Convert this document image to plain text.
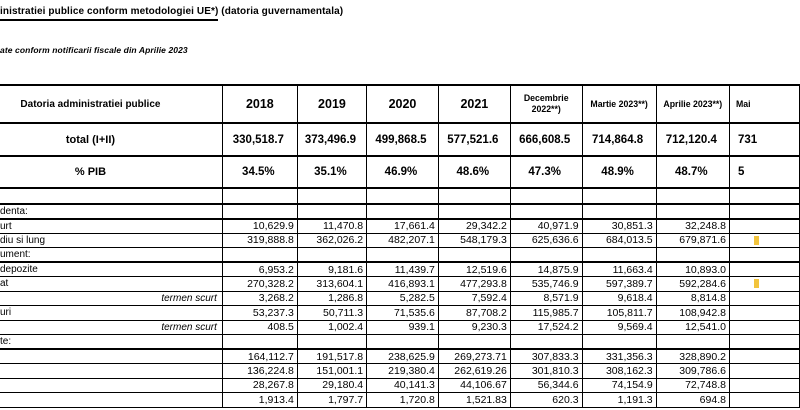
inistratiei publice conform metodologiei UE*) (datoria guvernamentala)
ate conform notificarii fiscale din Aprilie 2023
Datoria administratiei publice	2018	2019	2020	2021	Decembrie 2022**)	Martie 2023**)	Aprilie 2023**)	Mai
total (I+II)	330,518.7	373,496.9	499,868.5	577,521.6	666,608.5	714,864.8	712,120.4	731
% PIB	34.5%	35.1%	46.9%	48.6%	47.3%	48.9%	48.7%	5

denta:								
urt	10,629.9	11,470.8	17,661.4	29,342.2	40,971.9	30,851.3	32,248.8	
diu si lung	319,888.8	362,026.2	482,207.1	548,179.3	625,636.6	684,013.5	679,871.6	

ument:								
depozite	6,953.2	9,181.6	11,439.7	12,519.6	14,875.9	11,663.4	10,893.0	
at	270,328.2	313,604.1	416,893.1	477,293.8	535,746.9	597,389.7	592,284.6	

termen scurt	3,268.2	1,286.8	5,282.5	7,592.4	8,571.9	9,618.4	8,814.8	
uri	53,237.3	50,711.3	71,535.6	87,708.2	115,985.7	105,811.7	108,942.8	
termen scurt	408.5	1,002.4	939.1	9,230.3	17,524.2	9,569.4	12,541.0	
te:								
	164,112.7	191,517.8	238,625.9	269,273.71	307,833.3	331,356.3	328,890.2	
	136,224.8	151,001.1	219,380.4	262,619.26	301,810.3	308,162.3	309,786.6	
	28,267.8	29,180.4	40,141.3	44,106.67	56,344.6	74,154.9	72,748.8	
	1,913.4	1,797.7	1,720.8	1,521.83	620.3	1,191.3	694.8	
